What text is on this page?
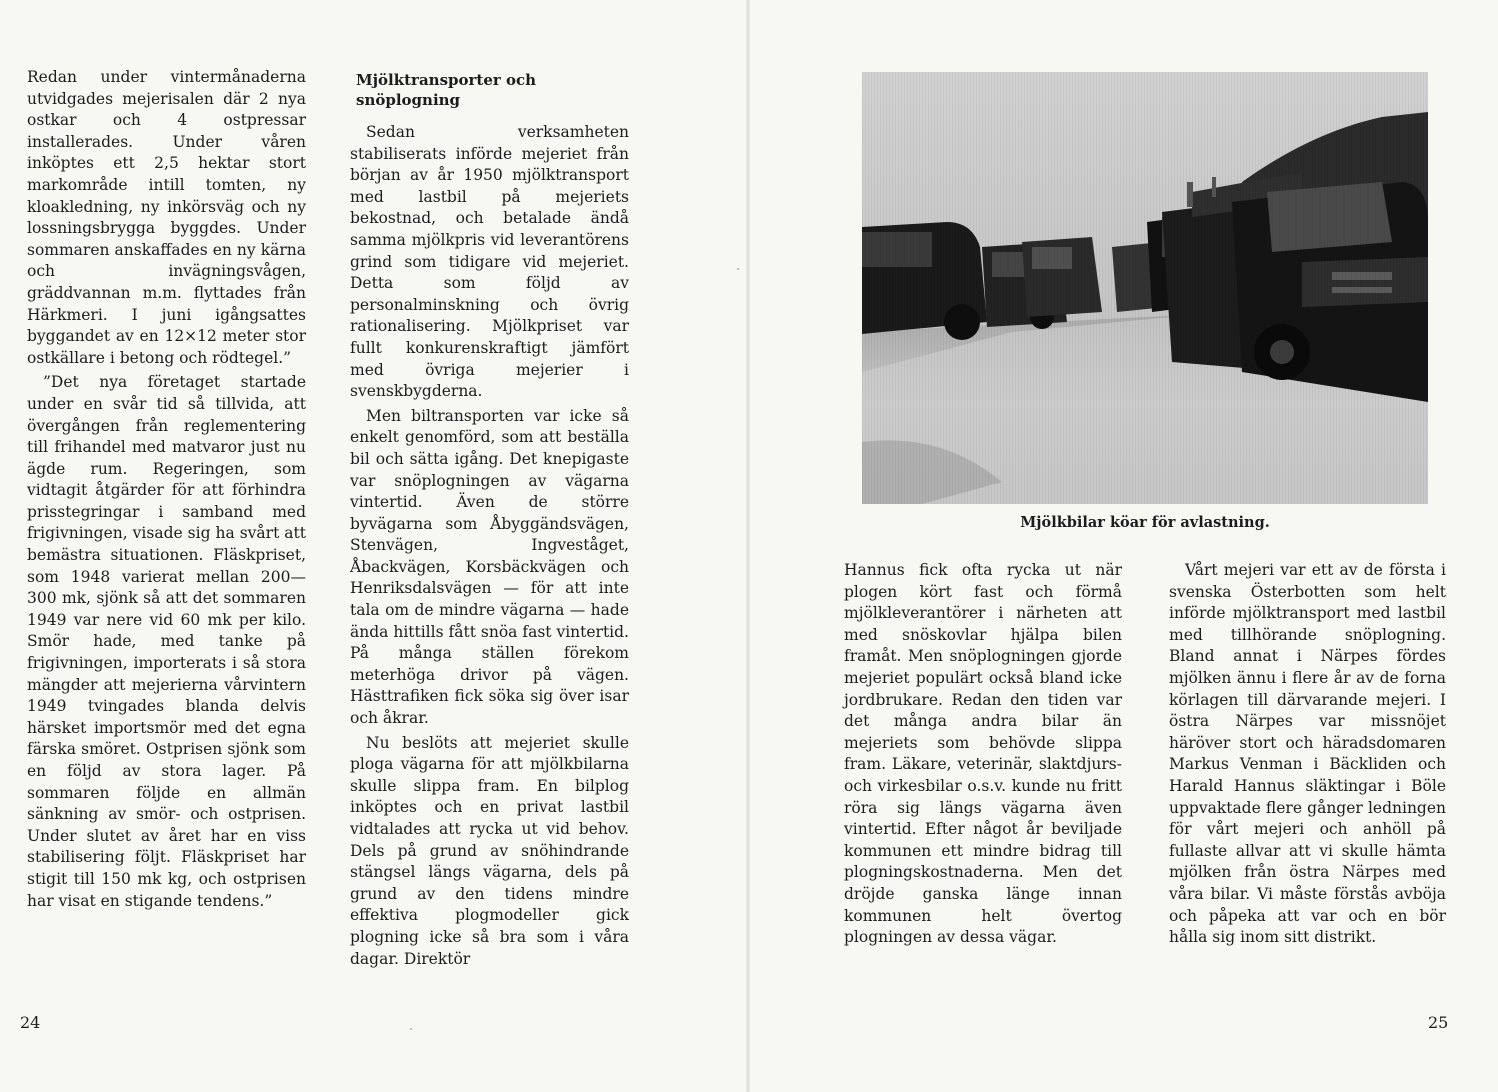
Redan under vintermånaderna utvidgades mejerisalen där 2 nya ostkar och 4 ostpressar installerades. Under våren inköptes ett 2,5 hektar stort markområde intill tomten, ny kloakledning, ny inkörsväg och ny lossningsbrygga byggdes. Under sommaren anskaffades en ny kärna och invägningsvågen, gräddvannan m.m. flyttades från Härkmeri. I juni igångsattes byggandet av en 12×12 meter stor ostkällare i betong och rödtegel.”

”Det nya företaget startade under en svår tid så tillvida, att övergången från reglementering till frihandel med matvaror just nu ägde rum. Regeringen, som vidtagit åtgärder för att förhindra prisstegringar i samband med frigivningen, visade sig ha svårt att bemästra situationen. Fläskpriset, som 1948 varierat mellan 200—300 mk, sjönk så att det sommaren 1949 var nere vid 60 mk per kilo. Smör hade, med tanke på frigivningen, importerats i så stora mängder att mejerierna vårvintern 1949 tvingades blanda delvis härsket importsmör med det egna färska smöret. Ostprisen sjönk som en följd av stora lager. På sommaren följde en allmän sänkning av smör- och ostprisen. Under slutet av året har en viss stabilisering följt. Fläskpriset har stigit till 150 mk kg, och ostprisen har visat en stigande tendens.”

Mjölktransporter och snöplogning

Sedan verksamheten stabiliserats införde mejeriet från början av år 1950 mjölktransport med lastbil på mejeriets bekostnad, och betalade ändå samma mjölkpris vid leverantörens grind som tidigare vid mejeriet. Detta som följd av personalminskning och övrig rationalisering. Mjölkpriset var fullt konkurenskraftigt jämfört med övriga mejerier i svenskbygderna.

Men biltransporten var icke så enkelt genomförd, som att beställa bil och sätta igång. Det knepigaste var snöplogningen av vägarna vintertid. Även de större byvägarna som Åbyggändsvägen, Stenvägen, Ingveståget, Åbackvägen, Korsbäckvägen och Henriksdalsvägen — för att inte tala om de mindre vägarna — hade ända hittills fått snöa fast vintertid. På många ställen förekom meterhöga drivor på vägen. Hästtrafiken fick söka sig över isar och åkrar.

Nu beslöts att mejeriet skulle ploga vägarna för att mjölkbilarna skulle slippa fram. En bilplog inköptes och en privat lastbil vidtalades att rycka ut vid behov. Dels på grund av snöhindrande stängsel längs vägarna, dels på grund av den tidens mindre effektiva plogmodeller gick plogning icke så bra som i våra dagar. Direktör

24
Mjölkbilar köar för avlastning.

Hannus fick ofta rycka ut när plogen kört fast och förmå mjölkleverantörer i närheten att med snöskovlar hjälpa bilen framåt. Men snöplogningen gjorde mejeriet populärt också bland icke jordbrukare. Redan den tiden var det många andra bilar än mejeriets som behövde slippa fram. Läkare, veterinär, slaktdjurs- och virkesbilar o.s.v. kunde nu fritt röra sig längs vägarna även vintertid. Efter något år beviljade kommunen ett mindre bidrag till plogningskostnaderna. Men det dröjde ganska länge innan kommunen helt övertog plogningen av dessa vägar.

Vårt mejeri var ett av de första i svenska Österbotten som helt införde mjölktransport med lastbil med tillhörande snöplogning. Bland annat i Närpes fördes mjölken ännu i flere år av de forna körlagen till därvarande mejeri. I östra Närpes var missnöjet häröver stort och häradsdomaren Markus Venman i Bäckliden och Harald Hannus släktingar i Böle uppvaktade flere gånger ledningen för vårt mejeri och anhöll på fullaste allvar att vi skulle hämta mjölken från östra Närpes med våra bilar. Vi måste förstås avböja och påpeka att var och en bör hålla sig inom sitt distrikt.

25
